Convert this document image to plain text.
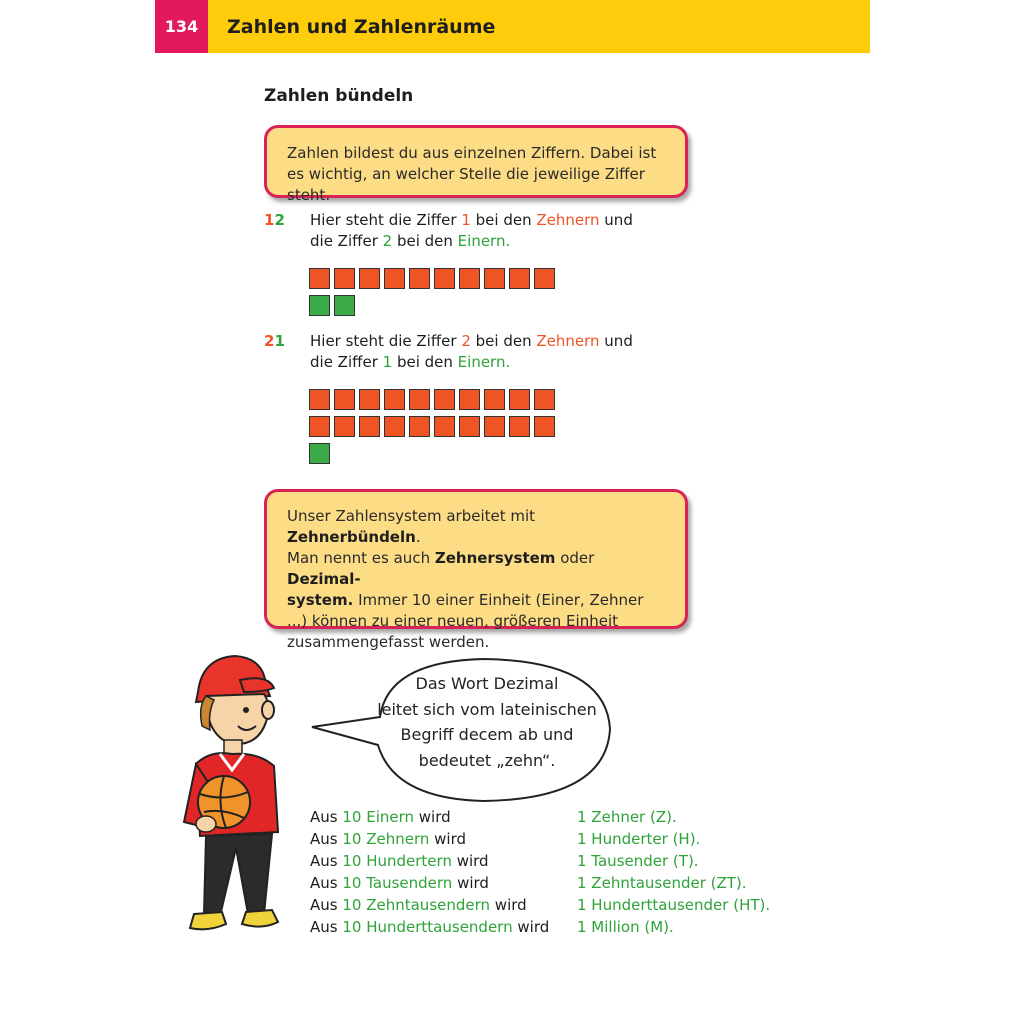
134	Zahlen und Zahlenräume
Zahlen bündeln
Zahlen bildest du aus einzelnen Ziffern. Dabei ist es wichtig, an welcher Stelle die jeweilige Ziffer steht.
12 Hier steht die Ziffer 1 bei den Zehnern und
die Ziffer 2 bei den Einern.
21 Hier steht die Ziffer 2 bei den Zehnern und
die Ziffer 1 bei den Einern.
Unser Zahlensystem arbeitet mit Zehnerbündeln.
Man nennt es auch Zehnersystem oder Dezimal-
system. Immer 10 einer Einheit (Einer, Zehner
...) können zu einer neuen, größeren Einheit
zusammengefasst werden.
Das Wort Dezimal
leitet sich vom lateinischen
Begriff decem ab und
bedeutet „zehn“.
Aus 10 Einern wird
Aus 10 Zehnern wird
Aus 10 Hundertern wird
Aus 10 Tausendern wird
Aus 10 Zehntausendern wird
Aus 10 Hunderttausendern wird
1 Zehner (Z).
1 Hunderter (H).
1 Tausender (T).
1 Zehntausender (ZT).
1 Hunderttausender (HT).
1 Million (M).
